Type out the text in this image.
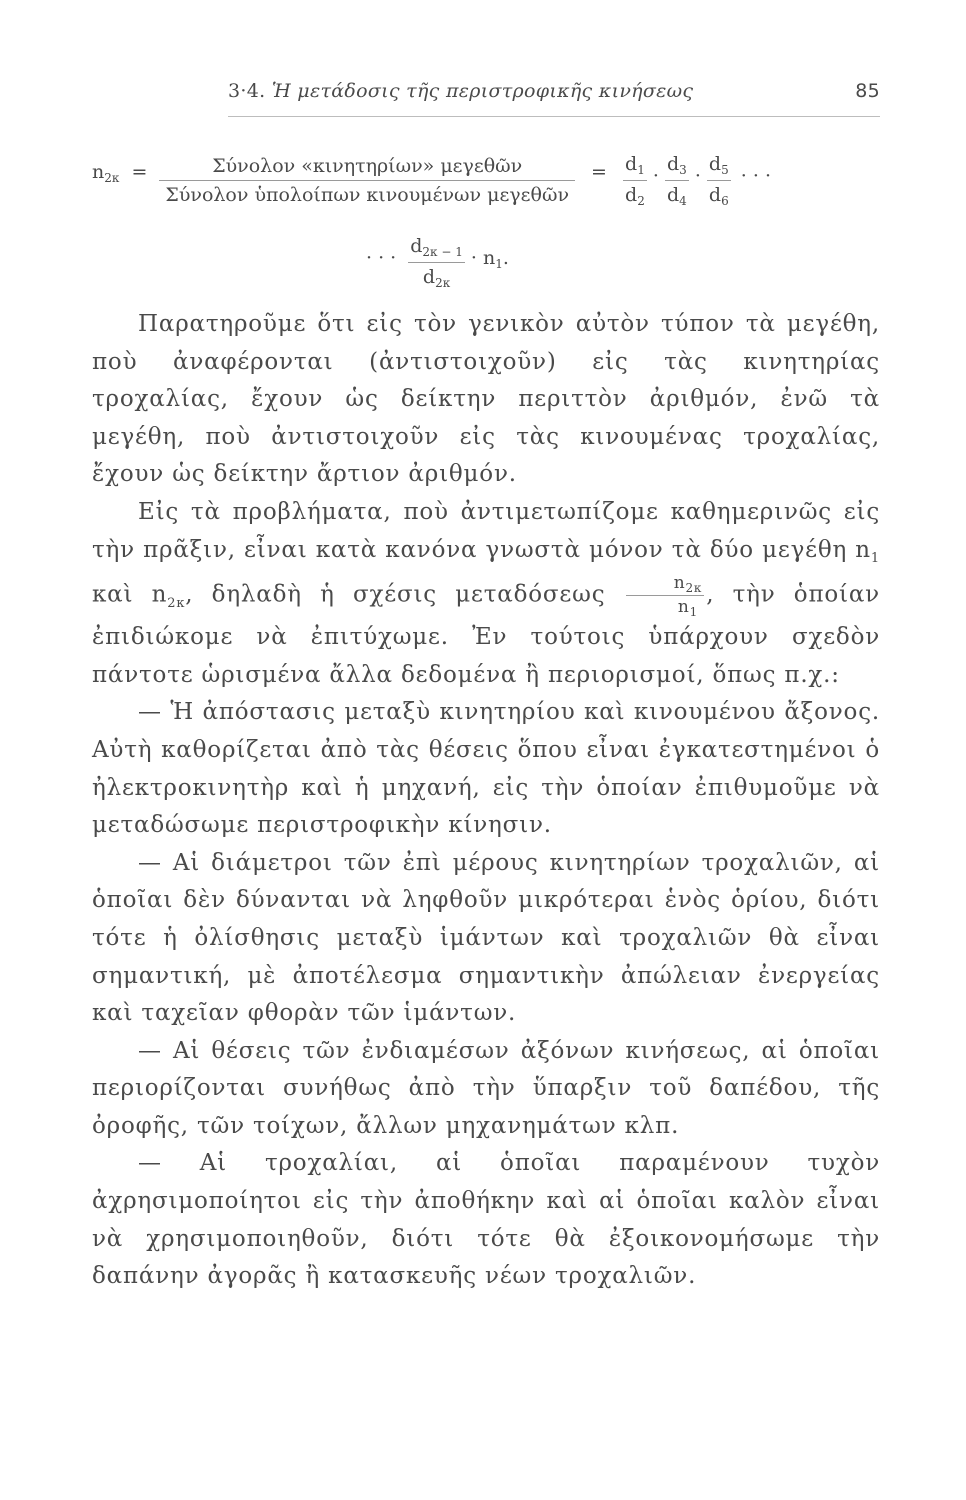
3·4. Ἡ μετάδοσις τῆς περιστροφικῆς κινήσεως	85
$n_{2\kappa} = \frac{\text{Σύνολον «κινητηρίων» μεγεθῶν}}{\text{Σύνολον ὑπολοίπων κινουμένων μεγεθῶν}} = \frac{d_1}{d_2} \cdot \frac{d_3}{d_4} \cdot \frac{d_5}{d_6}$ · · ·
· · · $\frac{d_{2\kappa - 1}}{d_{2\kappa}} \cdot n_1$.

Παρατηροῦμε ὅτι εἰς τὸν γενικὸν αὐτὸν τύπον τὰ μεγέθη, ποὺ ἀναφέρονται (ἀντιστοιχοῦν) εἰς τὰς κινητηρίας τροχαλίας, ἔχουν ὡς δείκτην περιττὸν ἀριθμόν, ἐνῶ τὰ μεγέθη, ποὺ ἀντιστοιχοῦν εἰς τὰς κινουμένας τροχαλίας, ἔχουν ὡς δείκτην ἄρτιον ἀριθμόν.

Εἰς τὰ προβλήματα, ποὺ ἀντιμετωπίζομε καθημερινῶς εἰς τὴν πρᾶξιν, εἶναι κατὰ κανόνα γνωστὰ μόνον τὰ δύο μεγέθη $n_1$ καὶ $n_{2\kappa}$, δηλαδὴ ἡ σχέσις μεταδόσεως $\frac{n_{2\kappa}}{n_1}$ , τὴν ὁποίαν ἐπιδιώκομε νὰ ἐπιτύχωμε. Ἐν τούτοις ὑπάρχουν σχεδὸν πάντοτε ὡρισμένα ἄλλα δεδομένα ἢ περιορισμοί, ὅπως π.χ.:

— Ἡ ἀπόστασις μεταξὺ κινητηρίου καὶ κινουμένου ἄξονος. Αὐτὴ καθορίζεται ἀπὸ τὰς θέσεις ὅπου εἶναι ἐγκατεστημένοι ὁ ἠλεκτροκινητὴρ καὶ ἡ μηχανή, εἰς τὴν ὁποίαν ἐπιθυμοῦμε νὰ μεταδώσωμε περιστροφικὴν κίνησιν.

— Αἱ διάμετροι τῶν ἐπὶ μέρους κινητηρίων τροχαλιῶν, αἱ ὁποῖαι δὲν δύνανται νὰ ληφθοῦν μικρότεραι ἑνὸς ὁρίου, διότι τότε ἡ ὀλίσθησις μεταξὺ ἱμάντων καὶ τροχαλιῶν θὰ εἶναι σημαντική, μὲ ἀποτέλεσμα σημαντικὴν ἀπώλειαν ἐνεργείας καὶ ταχεῖαν φθορὰν τῶν ἱμάντων.

— Αἱ θέσεις τῶν ἐνδιαμέσων ἀξόνων κινήσεως, αἱ ὁποῖαι περιορίζονται συνήθως ἀπὸ τὴν ὕπαρξιν τοῦ δαπέδου, τῆς ὀροφῆς, τῶν τοίχων, ἄλλων μηχανημάτων κλπ.

— Αἱ τροχαλίαι, αἱ ὁποῖαι παραμένουν τυχὸν ἀχρησιμοποίητοι εἰς τὴν ἀποθήκην καὶ αἱ ὁποῖαι καλὸν εἶναι νὰ χρησιμοποιηθοῦν, διότι τότε θὰ ἐξοικονομήσωμε τὴν δαπάνην ἀγορᾶς ἢ κατασκευῆς νέων τροχαλιῶν.
